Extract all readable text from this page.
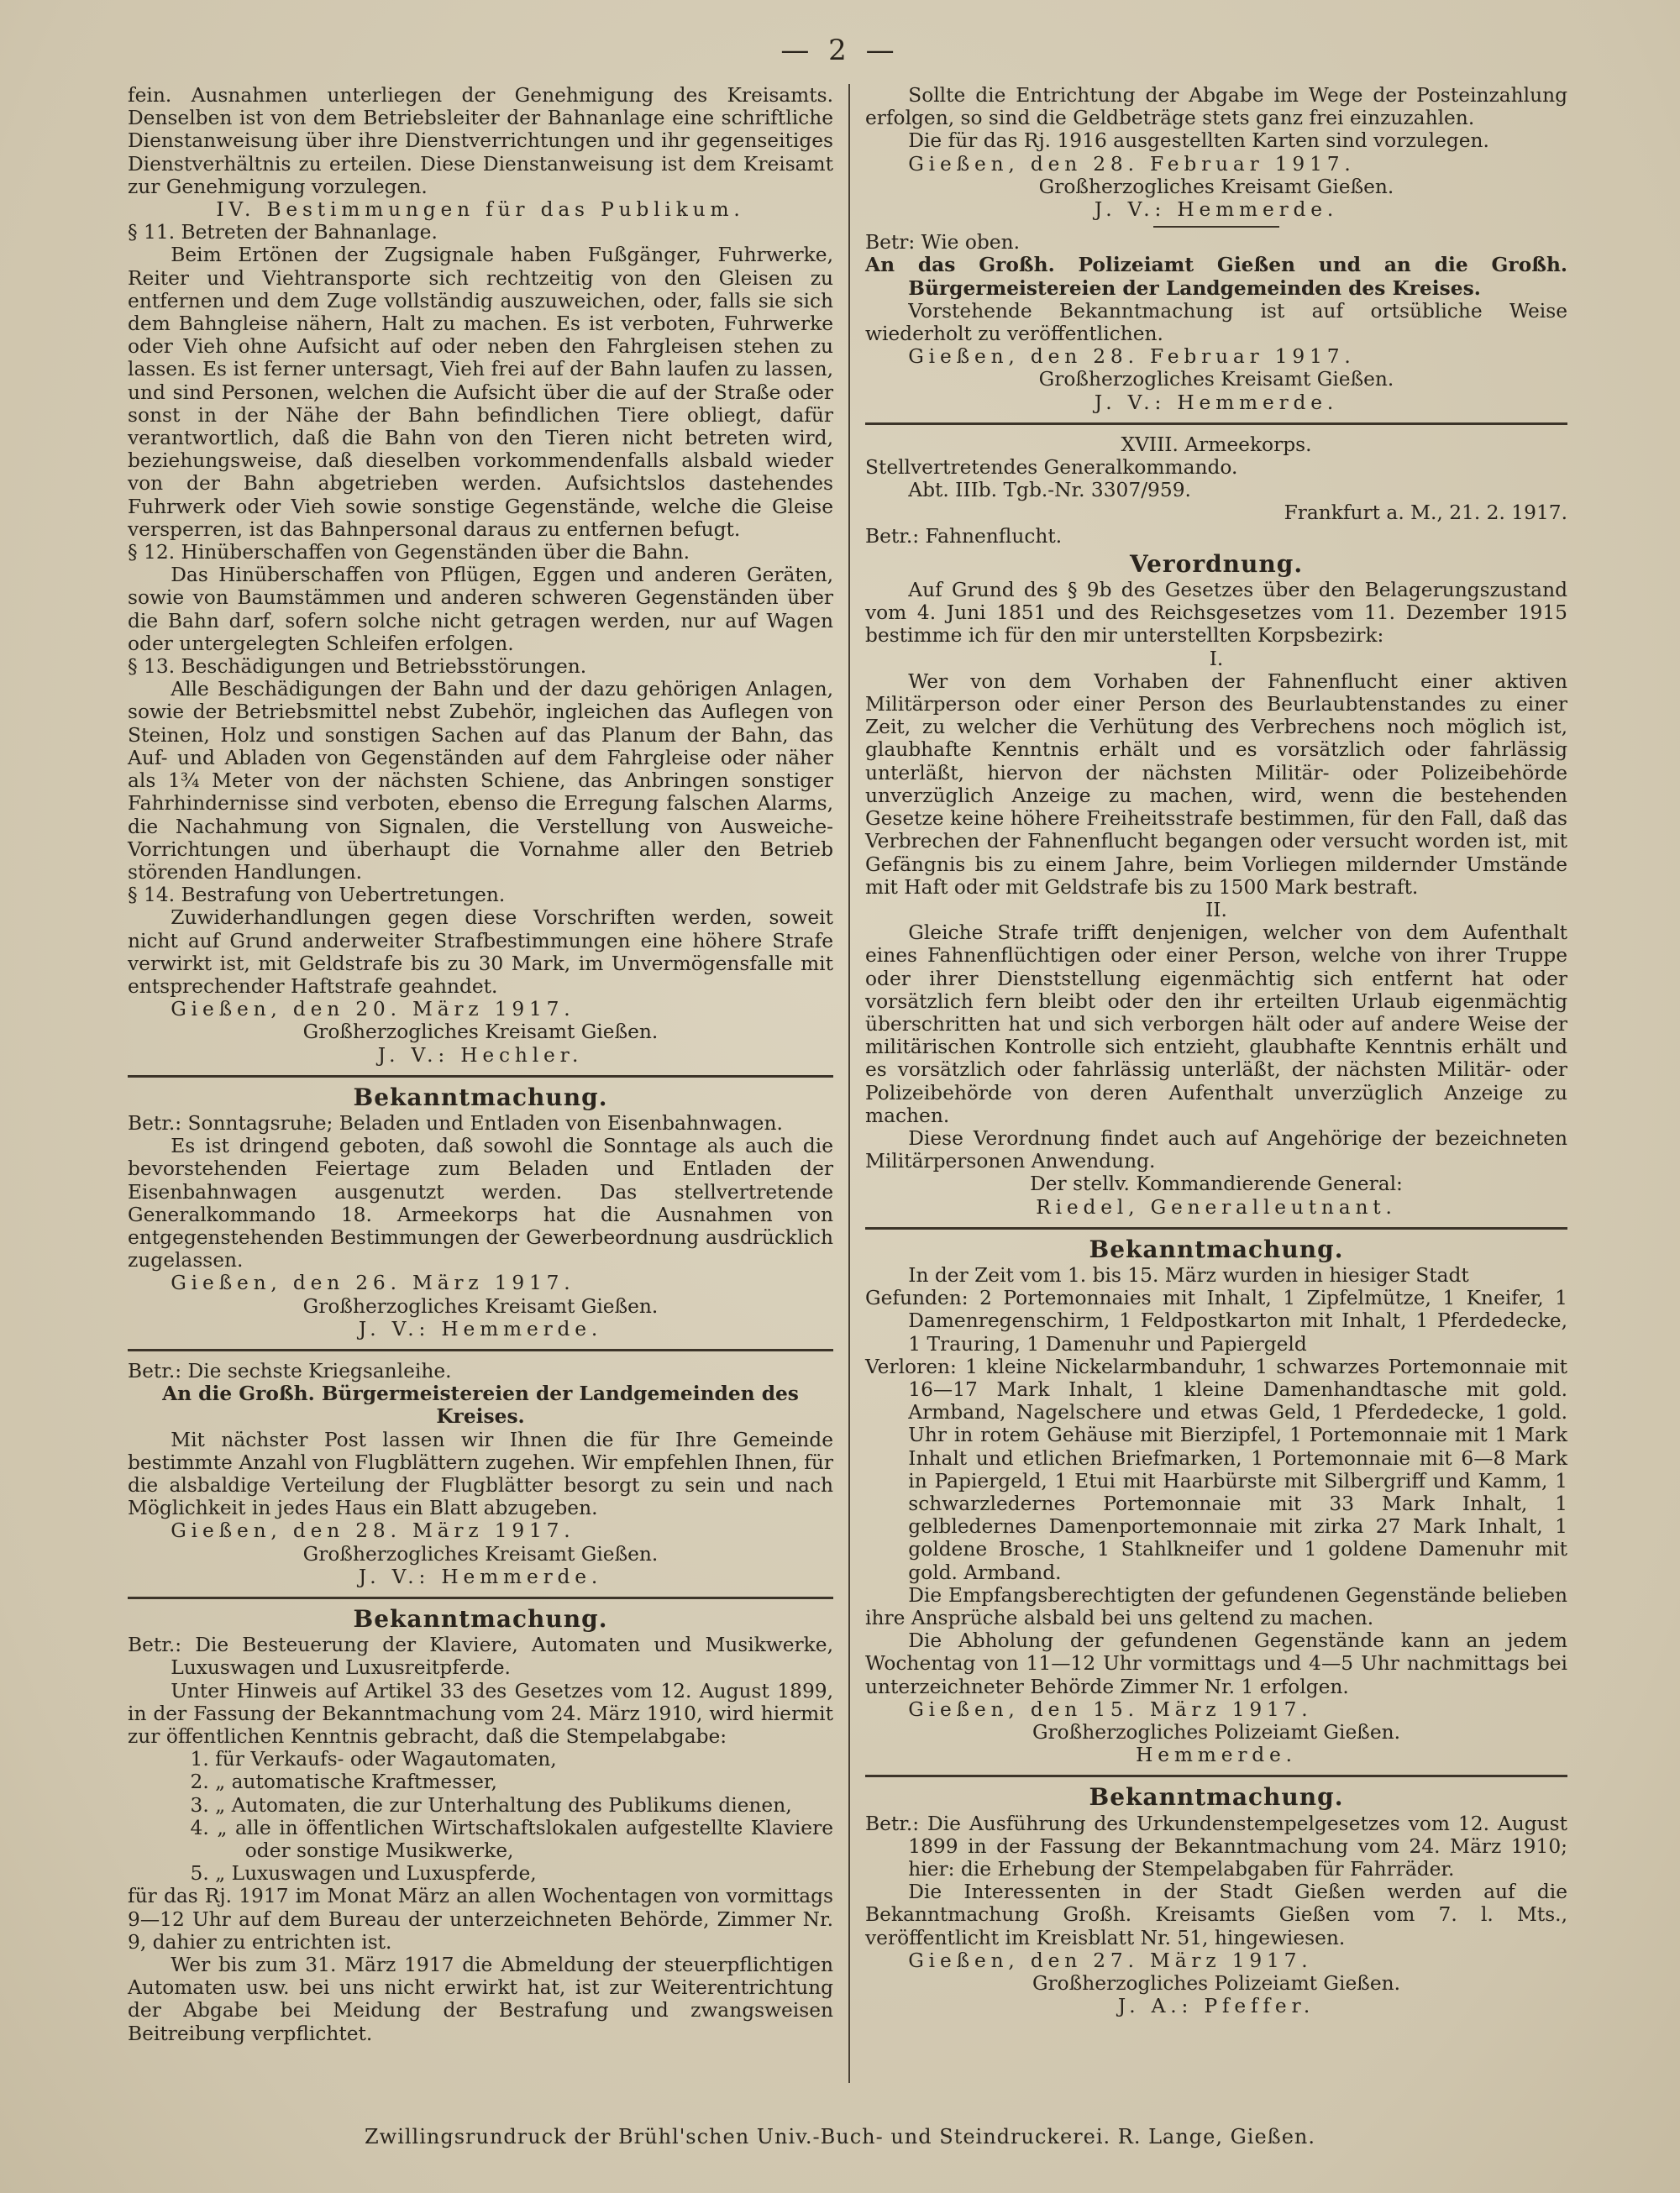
— 2 —

fein. Ausnahmen unterliegen der Genehmigung des Kreisamts. Denselben ist von dem Betriebsleiter der Bahnanlage eine schriftliche Dienstanweisung über ihre Dienstverrichtungen und ihr gegenseitiges Dienstverhältnis zu erteilen. Diese Dienstanweisung ist dem Kreisamt zur Genehmigung vorzulegen.

IV. Bestimmungen für das Publikum.

§ 11. Betreten der Bahnanlage.

Beim Ertönen der Zugsignale haben Fußgänger, Fuhrwerke, Reiter und Viehtransporte sich rechtzeitig von den Gleisen zu entfernen und dem Zuge vollständig auszuweichen, oder, falls sie sich dem Bahngleise nähern, Halt zu machen. Es ist verboten, Fuhrwerke oder Vieh ohne Aufsicht auf oder neben den Fahrgleisen stehen zu lassen. Es ist ferner untersagt, Vieh frei auf der Bahn laufen zu lassen, und sind Personen, welchen die Aufsicht über die auf der Straße oder sonst in der Nähe der Bahn befindlichen Tiere obliegt, dafür verantwortlich, daß die Bahn von den Tieren nicht betreten wird, beziehungsweise, daß dieselben vorkommendenfalls alsbald wieder von der Bahn abgetrieben werden. Aufsichtslos dastehendes Fuhrwerk oder Vieh sowie sonstige Gegenstände, welche die Gleise versperren, ist das Bahnpersonal daraus zu entfernen befugt.

§ 12. Hinüberschaffen von Gegenständen über die Bahn.

Das Hinüberschaffen von Pflügen, Eggen und anderen Geräten, sowie von Baumstämmen und anderen schweren Gegenständen über die Bahn darf, sofern solche nicht getragen werden, nur auf Wagen oder untergelegten Schleifen erfolgen.

§ 13. Beschädigungen und Betriebsstörungen.

Alle Beschädigungen der Bahn und der dazu gehörigen Anlagen, sowie der Betriebsmittel nebst Zubehör, ingleichen das Auflegen von Steinen, Holz und sonstigen Sachen auf das Planum der Bahn, das Auf- und Abladen von Gegenständen auf dem Fahrgleise oder näher als 1¾ Meter von der nächsten Schiene, das Anbringen sonstiger Fahrhindernisse sind verboten, ebenso die Erregung falschen Alarms, die Nachahmung von Signalen, die Verstellung von Ausweiche-Vorrichtungen und überhaupt die Vornahme aller den Betrieb störenden Handlungen.

§ 14. Bestrafung von Uebertretungen.

Zuwiderhandlungen gegen diese Vorschriften werden, soweit nicht auf Grund anderweiter Strafbestimmungen eine höhere Strafe verwirkt ist, mit Geldstrafe bis zu 30 Mark, im Unvermögensfalle mit entsprechender Haftstrafe geahndet.

Gießen, den 20. März 1917.

Großherzogliches Kreisamt Gießen.

J. V.: Hechler.

Bekanntmachung.

Betr.: Sonntagsruhe; Beladen und Entladen von Eisenbahnwagen.

Es ist dringend geboten, daß sowohl die Sonntage als auch die bevorstehenden Feiertage zum Beladen und Entladen der Eisenbahnwagen ausgenutzt werden. Das stellvertretende Generalkommando 18. Armeekorps hat die Ausnahmen von entgegenstehenden Bestimmungen der Gewerbeordnung ausdrücklich zugelassen.

Gießen, den 26. März 1917.

Großherzogliches Kreisamt Gießen.

J. V.: Hemmerde.

Betr.: Die sechste Kriegsanleihe.

An die Großh. Bürgermeistereien der Landgemeinden des Kreises.

Mit nächster Post lassen wir Ihnen die für Ihre Gemeinde bestimmte Anzahl von Flugblättern zugehen. Wir empfehlen Ihnen, für die alsbaldige Verteilung der Flugblätter besorgt zu sein und nach Möglichkeit in jedes Haus ein Blatt abzugeben.

Gießen, den 28. März 1917.

Großherzogliches Kreisamt Gießen.

J. V.: Hemmerde.

Bekanntmachung.

Betr.: Die Besteuerung der Klaviere, Automaten und Musikwerke, Luxuswagen und Luxusreitpferde.

Unter Hinweis auf Artikel 33 des Gesetzes vom 12. August 1899, in der Fassung der Bekanntmachung vom 24. März 1910, wird hiermit zur öffentlichen Kenntnis gebracht, daß die Stempelabgabe:

1. für Verkaufs- oder Wagautomaten,

2. „ automatische Kraftmesser,

3. „ Automaten, die zur Unterhaltung des Publikums dienen,

4. „ alle in öffentlichen Wirtschaftslokalen aufgestellte Klaviere oder sonstige Musikwerke,

5. „ Luxuswagen und Luxuspferde,

für das Rj. 1917 im Monat März an allen Wochentagen von vormittags 9—12 Uhr auf dem Bureau der unterzeichneten Behörde, Zimmer Nr. 9, dahier zu entrichten ist.

Wer bis zum 31. März 1917 die Abmeldung der steuerpflichtigen Automaten usw. bei uns nicht erwirkt hat, ist zur Weiterentrichtung der Abgabe bei Meidung der Bestrafung und zwangsweisen Beitreibung verpflichtet.

Sollte die Entrichtung der Abgabe im Wege der Posteinzahlung erfolgen, so sind die Geldbeträge stets ganz frei einzuzahlen.

Die für das Rj. 1916 ausgestellten Karten sind vorzulegen.

Gießen, den 28. Februar 1917.

Großherzogliches Kreisamt Gießen.

J. V.: Hemmerde.

Betr: Wie oben.

An das Großh. Polizeiamt Gießen und an die Großh. Bürgermeistereien der Landgemeinden des Kreises.

Vorstehende Bekanntmachung ist auf ortsübliche Weise wiederholt zu veröffentlichen.

Gießen, den 28. Februar 1917.

Großherzogliches Kreisamt Gießen.

J. V.: Hemmerde.

XVIII. Armeekorps.

Stellvertretendes Generalkommando.

Abt. IIIb. Tgb.-Nr. 3307/959.

Frankfurt a. M., 21. 2. 1917.

Betr.: Fahnenflucht.

Verordnung.

Auf Grund des § 9b des Gesetzes über den Belagerungszustand vom 4. Juni 1851 und des Reichsgesetzes vom 11. Dezember 1915 bestimme ich für den mir unterstellten Korpsbezirk:

I.

Wer von dem Vorhaben der Fahnenflucht einer aktiven Militärperson oder einer Person des Beurlaubtenstandes zu einer Zeit, zu welcher die Verhütung des Verbrechens noch möglich ist, glaubhafte Kenntnis erhält und es vorsätzlich oder fahrlässig unterläßt, hiervon der nächsten Militär- oder Polizeibehörde unverzüglich Anzeige zu machen, wird, wenn die bestehenden Gesetze keine höhere Freiheitsstrafe bestimmen, für den Fall, daß das Verbrechen der Fahnenflucht begangen oder versucht worden ist, mit Gefängnis bis zu einem Jahre, beim Vorliegen mildernder Umstände mit Haft oder mit Geldstrafe bis zu 1500 Mark bestraft.

II.

Gleiche Strafe trifft denjenigen, welcher von dem Aufenthalt eines Fahnenflüchtigen oder einer Person, welche von ihrer Truppe oder ihrer Dienststellung eigenmächtig sich entfernt hat oder vorsätzlich fern bleibt oder den ihr erteilten Urlaub eigenmächtig überschritten hat und sich verborgen hält oder auf andere Weise der militärischen Kontrolle sich entzieht, glaubhafte Kenntnis erhält und es vorsätzlich oder fahrlässig unterläßt, der nächsten Militär- oder Polizeibehörde von deren Aufenthalt unverzüglich Anzeige zu machen.

Diese Verordnung findet auch auf Angehörige der bezeichneten Militärpersonen Anwendung.

Der stellv. Kommandierende General:

Riedel, Generalleutnant.

Bekanntmachung.

In der Zeit vom 1. bis 15. März wurden in hiesiger Stadt

Gefunden: 2 Portemonnaies mit Inhalt, 1 Zipfelmütze, 1 Kneifer, 1 Damenregenschirm, 1 Feldpostkarton mit Inhalt, 1 Pferdedecke, 1 Trauring, 1 Damenuhr und Papiergeld

Verloren: 1 kleine Nickelarmbanduhr, 1 schwarzes Portemonnaie mit 16—17 Mark Inhalt, 1 kleine Damenhandtasche mit gold. Armband, Nagelschere und etwas Geld, 1 Pferdedecke, 1 gold. Uhr in rotem Gehäuse mit Bierzipfel, 1 Portemonnaie mit 1 Mark Inhalt und etlichen Briefmarken, 1 Portemonnaie mit 6—8 Mark in Papiergeld, 1 Etui mit Haarbürste mit Silbergriff und Kamm, 1 schwarzledernes Portemonnaie mit 33 Mark Inhalt, 1 gelbledernes Damenportemonnaie mit zirka 27 Mark Inhalt, 1 goldene Brosche, 1 Stahlkneifer und 1 goldene Damenuhr mit gold. Armband.

Die Empfangsberechtigten der gefundenen Gegenstände belieben ihre Ansprüche alsbald bei uns geltend zu machen.

Die Abholung der gefundenen Gegenstände kann an jedem Wochentag von 11—12 Uhr vormittags und 4—5 Uhr nachmittags bei unterzeichneter Behörde Zimmer Nr. 1 erfolgen.

Gießen, den 15. März 1917.

Großherzogliches Polizeiamt Gießen.

Hemmerde.

Bekanntmachung.

Betr.: Die Ausführung des Urkundenstempelgesetzes vom 12. August 1899 in der Fassung der Bekanntmachung vom 24. März 1910; hier: die Erhebung der Stempelabgaben für Fahrräder.

Die Interessenten in der Stadt Gießen werden auf die Bekanntmachung Großh. Kreisamts Gießen vom 7. l. Mts., veröffentlicht im Kreisblatt Nr. 51, hingewiesen.

Gießen, den 27. März 1917.

Großherzogliches Polizeiamt Gießen.

J. A.: Pfeffer.

Zwillingsrundruck der Brühl'schen Univ.-Buch- und Steindruckerei. R. Lange, Gießen.
